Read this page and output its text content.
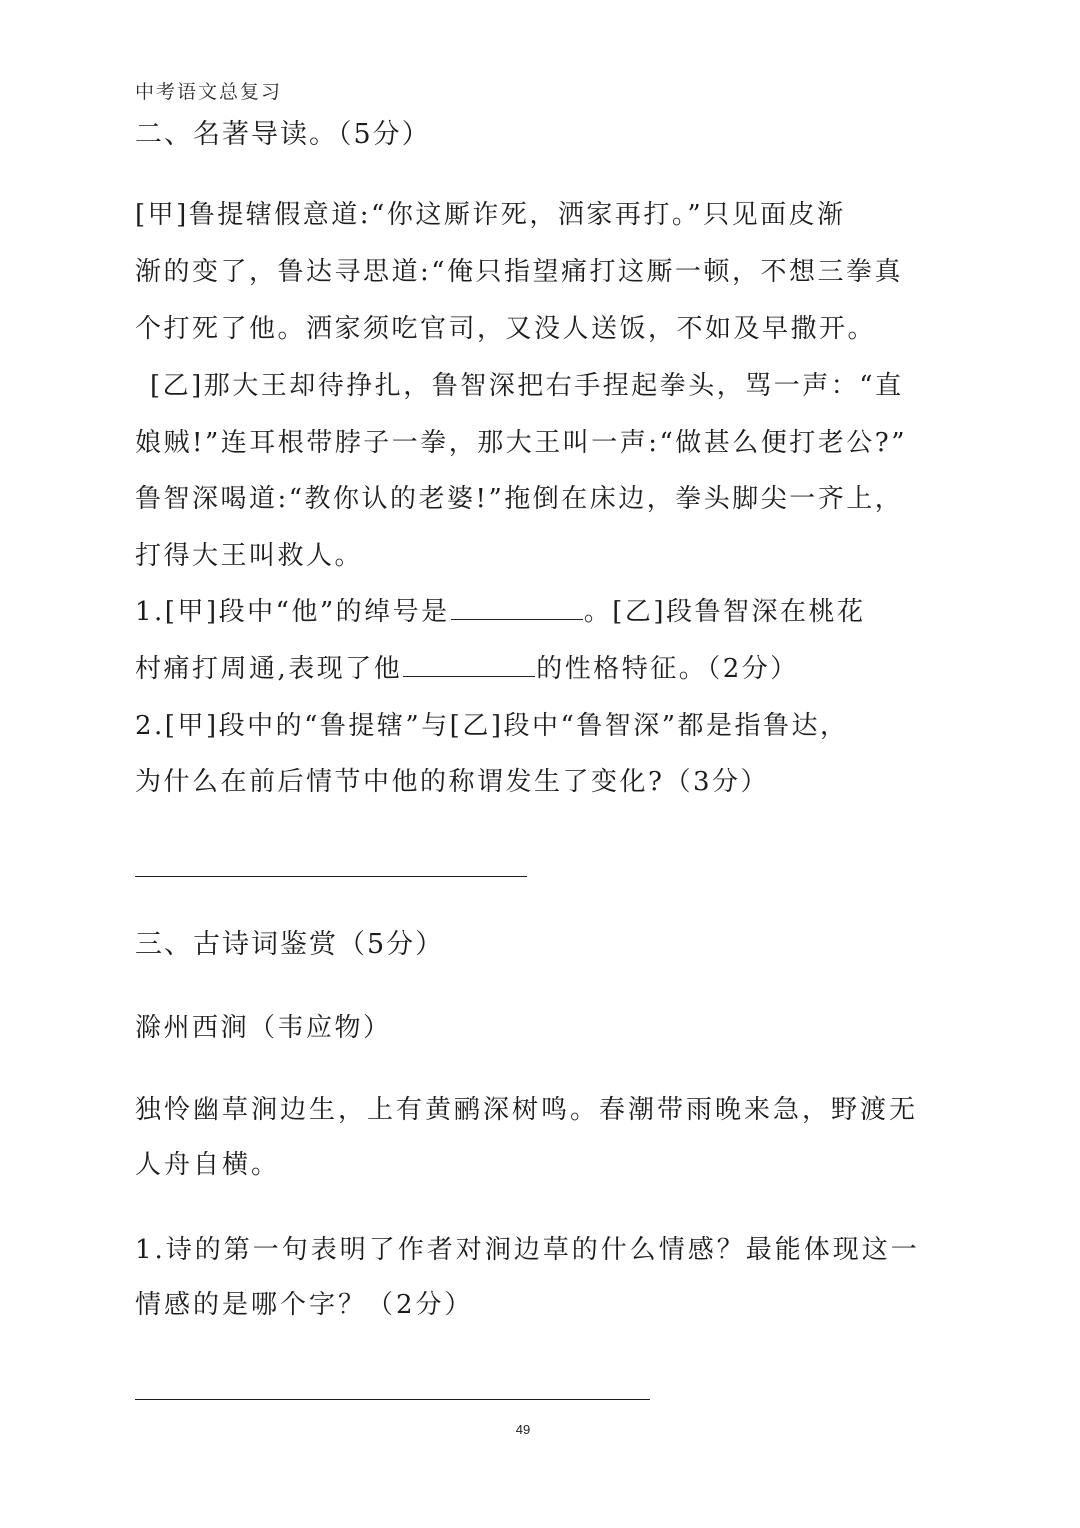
中考语文总复习
二、名著导读。（5分）
[甲]鲁提辖假意道:“你这厮诈死，洒家再打。”只见面皮渐
渐的变了，鲁达寻思道:“俺只指望痛打这厮一顿，不想三拳真
个打死了他。洒家须吃官司，又没人送饭，不如及早撒开。
[乙]那大王却待挣扎，鲁智深把右手捏起拳头，骂一声：“直
娘贼!”连耳根带脖子一拳，那大王叫一声:“做甚么便打老公?”
鲁智深喝道:“教你认的老婆!”拖倒在床边，拳头脚尖一齐上，
打得大王叫救人。
1.[甲]段中“他”的绰号是	。[乙]段鲁智深在桃花
村痛打周通,表现了他	的性格特征。（2分）
2.[甲]段中的“鲁提辖”与[乙]段中“鲁智深”都是指鲁达，
为什么在前后情节中他的称谓发生了变化?（3分）
三、古诗词鉴赏（5分）
滁州西涧（韦应物）
独怜幽草涧边生，上有黄鹂深树鸣。春潮带雨晚来急，野渡无
人舟自横。
1.诗的第一句表明了作者对涧边草的什么情感？最能体现这一
情感的是哪个字？（2分）
49
